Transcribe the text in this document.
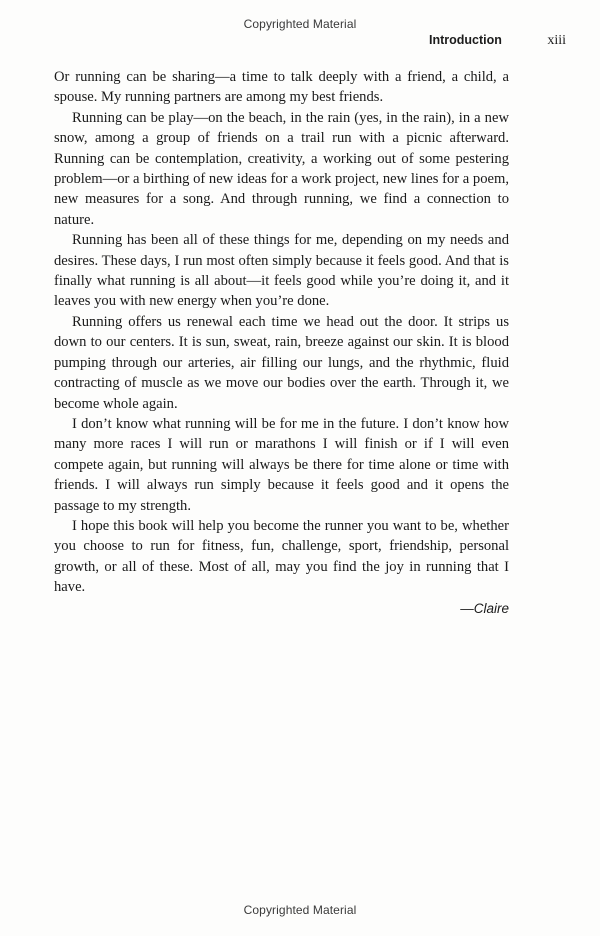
Copyrighted Material
Introduction	xiii

Or running can be sharing—a time to talk deeply with a friend, a child, a spouse. My running partners are among my best friends.

Running can be play—on the beach, in the rain (yes, in the rain), in a new snow, among a group of friends on a trail run with a picnic afterward. Running can be contemplation, creativity, a working out of some pestering problem—or a birthing of new ideas for a work project, new lines for a poem, new measures for a song. And through running, we find a connection to nature.

Running has been all of these things for me, depending on my needs and desires. These days, I run most often simply because it feels good. And that is finally what running is all about—it feels good while you’re doing it, and it leaves you with new energy when you’re done.

Running offers us renewal each time we head out the door. It strips us down to our centers. It is sun, sweat, rain, breeze against our skin. It is blood pumping through our arteries, air filling our lungs, and the rhythmic, fluid contracting of muscle as we move our bodies over the earth. Through it, we become whole again.

I don’t know what running will be for me in the future. I don’t know how many more races I will run or marathons I will finish or if I will even compete again, but running will always be there for time alone or time with friends. I will always run simply because it feels good and it opens the passage to my strength.

I hope this book will help you become the runner you want to be, whether you choose to run for fitness, fun, challenge, sport, friendship, personal growth, or all of these. Most of all, may you find the joy in running that I have.

—Claire
Copyrighted Material
